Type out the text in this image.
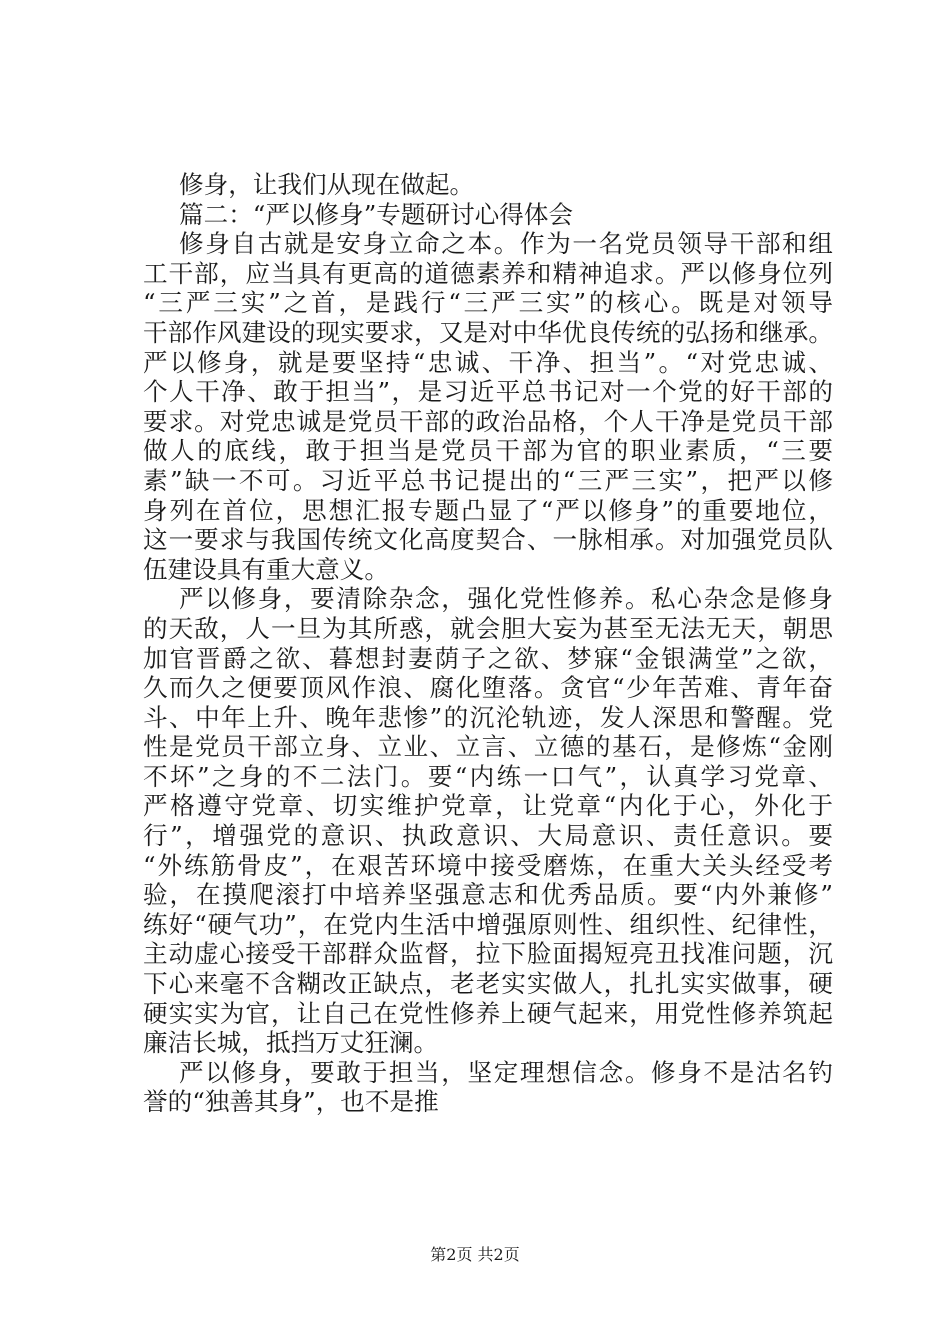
修身，让我们从现在做起。
篇二：“严以修身”专题研讨心得体会
修身自古就是安身立命之本。作为一名党员领导干部和组
工干部，应当具有更高的道德素养和精神追求。严以修身位列
“三严三实”之首，是践行“三严三实”的核心。既是对领导
干部作风建设的现实要求，又是对中华优良传统的弘扬和继承。
严以修身，就是要坚持“忠诚、干净、担当”。“对党忠诚、
个人干净、敢于担当”，是习近平总书记对一个党的好干部的
要求。对党忠诚是党员干部的政治品格，个人干净是党员干部
做人的底线，敢于担当是党员干部为官的职业素质，“三要
素”缺一不可。习近平总书记提出的“三严三实”，把严以修
身列在首位，思想汇报专题凸显了“严以修身”的重要地位，
这一要求与我国传统文化高度契合、一脉相承。对加强党员队
伍建设具有重大意义。
严以修身，要清除杂念，强化党性修养。私心杂念是修身
的天敌，人一旦为其所惑，就会胆大妄为甚至无法无天，朝思
加官晋爵之欲、暮想封妻荫子之欲、梦寐“金银满堂”之欲，
久而久之便要顶风作浪、腐化堕落。贪官“少年苦难、青年奋
斗、中年上升、晚年悲惨”的沉沦轨迹，发人深思和警醒。党
性是党员干部立身、立业、立言、立德的基石，是修炼“金刚
不坏”之身的不二法门。要“内练一口气”，认真学习党章、
严格遵守党章、切实维护党章，让党章“内化于心，外化于
行”，增强党的意识、执政意识、大局意识、责任意识。要
“外练筋骨皮”，在艰苦环境中接受磨炼，在重大关头经受考
验，在摸爬滚打中培养坚强意志和优秀品质。要“内外兼修”
练好“硬气功”，在党内生活中增强原则性、组织性、纪律性，
主动虚心接受干部群众监督，拉下脸面揭短亮丑找准问题，沉
下心来毫不含糊改正缺点，老老实实做人，扎扎实实做事，硬
硬实实为官，让自己在党性修养上硬气起来，用党性修养筑起
廉洁长城，抵挡万丈狂澜。
严以修身，要敢于担当，坚定理想信念。修身不是沽名钓
誉的“独善其身”，也不是推
第2页 共2页
